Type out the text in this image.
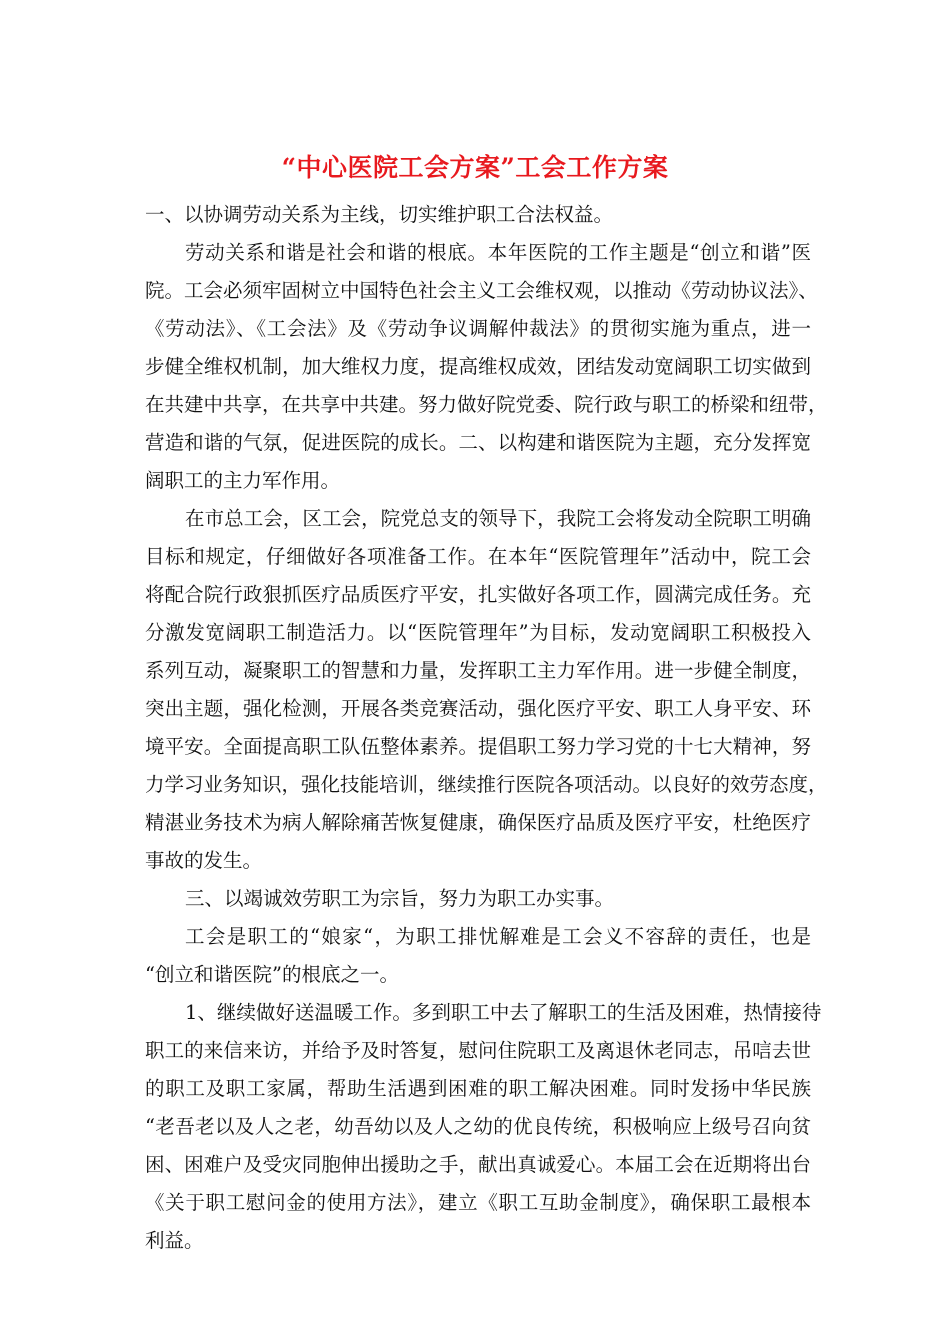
“中心医院工会方案”工会工作方案
一、以协调劳动关系为主线，切实维护职工合法权益。
劳动关系和谐是社会和谐的根底。本年医院的工作主题是“创立和谐”医
院。工会必须牢固树立中国特色社会主义工会维权观，以推动《劳动协议法》、
《劳动法》、《工会法》及《劳动争议调解仲裁法》的贯彻实施为重点，进一
步健全维权机制，加大维权力度，提高维权成效，团结发动宽阔职工切实做到
在共建中共享，在共享中共建。努力做好院党委、院行政与职工的桥梁和纽带，
营造和谐的气氛，促进医院的成长。二、以构建和谐医院为主题，充分发挥宽
阔职工的主力军作用。
在市总工会，区工会，院党总支的领导下，我院工会将发动全院职工明确
目标和规定，仔细做好各项准备工作。在本年“医院管理年”活动中，院工会
将配合院行政狠抓医疗品质医疗平安，扎实做好各项工作，圆满完成任务。充
分激发宽阔职工制造活力。以“医院管理年”为目标，发动宽阔职工积极投入
系列互动，凝聚职工的智慧和力量，发挥职工主力军作用。进一步健全制度，
突出主题，强化检测，开展各类竞赛活动，强化医疗平安、职工人身平安、环
境平安。全面提高职工队伍整体素养。提倡职工努力学习党的十七大精神，努
力学习业务知识，强化技能培训，继续推行医院各项活动。以良好的效劳态度，
精湛业务技术为病人解除痛苦恢复健康，确保医疗品质及医疗平安，杜绝医疗
事故的发生。
三、以竭诚效劳职工为宗旨，努力为职工办实事。
工会是职工的“娘家“，为职工排忧解难是工会义不容辞的责任，也是
“创立和谐医院”的根底之一。
1、继续做好送温暖工作。多到职工中去了解职工的生活及困难，热情接待
职工的来信来访，并给予及时答复，慰问住院职工及离退休老同志，吊唁去世
的职工及职工家属，帮助生活遇到困难的职工解决困难。同时发扬中华民族
“老吾老以及人之老，幼吾幼以及人之幼的优良传统，积极响应上级号召向贫
困、困难户及受灾同胞伸出援助之手，献出真诚爱心。本届工会在近期将出台
《关于职工慰问金的使用方法》，建立《职工互助金制度》，确保职工最根本
利益。
